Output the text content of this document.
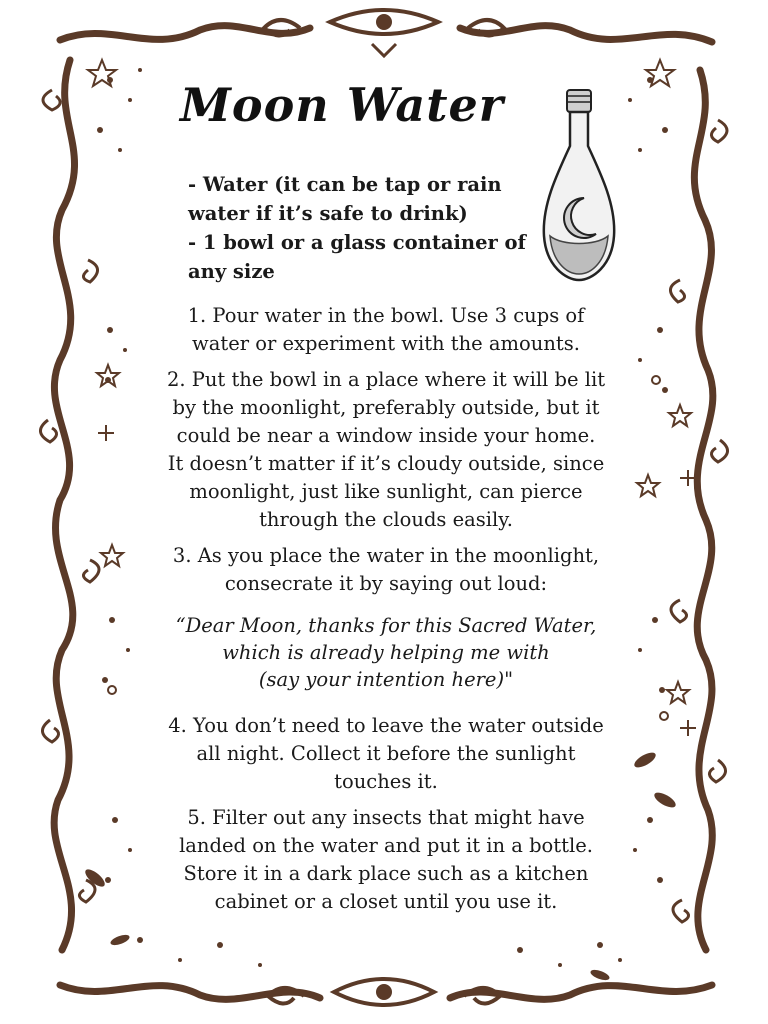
Moon Water
- Water (it can be tap or rain
water if it’s safe to drink)
- 1 bowl or a glass container of
any size
1. Pour water in the bowl. Use 3 cups of
water or experiment with the amounts.
2. Put the bowl in a place where it will be lit
by the moonlight, preferably outside, but it
could be near a window inside your home.
It doesn’t matter if it’s cloudy outside, since
moonlight, just like sunlight, can pierce
through the clouds easily.
3. As you place the water in the moonlight,
consecrate it by saying out loud:
“Dear Moon, thanks for this Sacred Water,
which is already helping me with
(say your intention here)"
4. You don’t need to leave the water outside
all night. Collect it before the sunlight
touches it.
5. Filter out any insects that might have
landed on the water and put it in a bottle.
Store it in a dark place such as a kitchen
cabinet or a closet until you use it.
